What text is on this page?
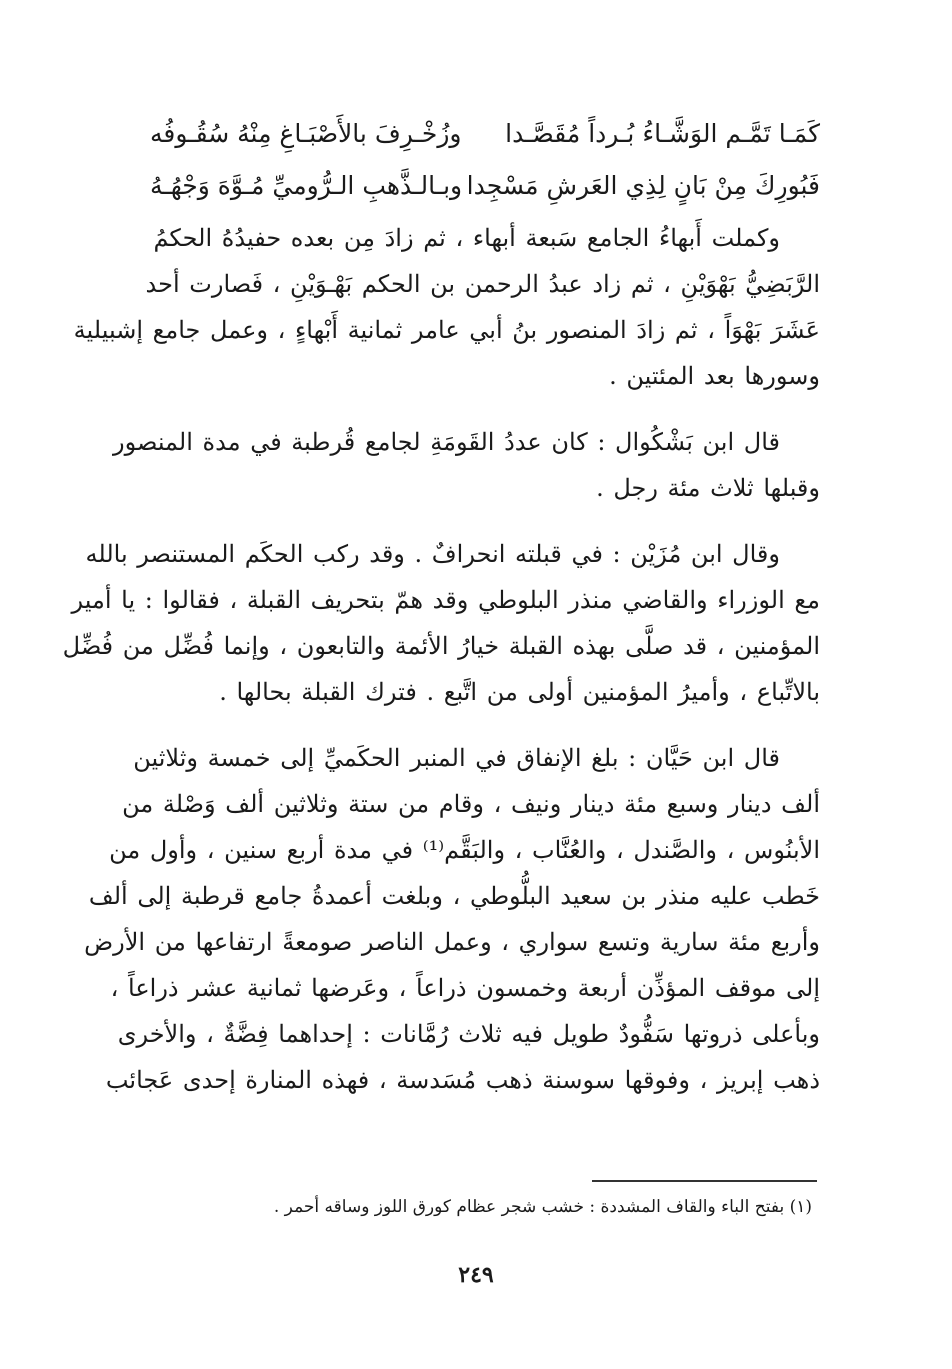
كَمَـا تَمَّـم الوَشَّـاءُ بُـرداً مُقَصَّـدا
وزُخْـرِفَ بالأَصْبَـاغِ مِنْهُ سُقُـوفُه
فَبُورِكَ مِنْ بَانٍ لِذِي العَرشِ مَسْجِدا
وبـالـذَّهبِ الـرُّوميِّ مُـوَّهَ وَجْهُـهُ
وكملت أَبهاءُ الجامع سَبعة أبهاء ، ثم زادَ مِن بعده حفيدُهُ الحكمُ
الرَّبَضِيُّ بَهْوَيْنِ ، ثم زاد عبدُ الرحمن بن الحكم بَهْـوَيْنِ ، فَصارت أحد
عَشَرَ بَهْوَاً ، ثم زادَ المنصور بنُ أبي عامر ثمانية أَبْهاءٍ ، وعمل جامع إشبيلية
وسورها بعد المئتين .
قال ابن بَشْكُوال : كان عددُ القَومَةِ لجامع قُرطبة في مدة المنصور
وقبلها ثلاث مئة رجل .
وقال ابن مُزَيْن : في قبلته انحرافٌ . وقد ركب الحكَم المستنصر بالله
مع الوزراء والقاضي منذر البلوطي وقد همّ بتحريف القبلة ، فقالوا : يا أمير
المؤمنين ، قد صلَّى بهذه القبلة خيارُ الأئمة والتابعون ، وإنما فُضِّل من فُضِّل
بالاتِّباع ، وأميرُ المؤمنين أولى من اتَّبع . فترك القبلة بحالها .
قال ابن حَيَّان : بلغ الإنفاق في المنبر الحكَميِّ إلى خمسة وثلاثين
ألف دينار وسبع مئة دينار ونيف ، وقام من ستة وثلاثين ألف وَصْلة من
الأبنُوس ، والصَّندل ، والعُنَّاب ، والبَقَّم⁽¹⁾ في مدة أربع سنين ، وأول من
خَطب عليه منذر بن سعيد البلُّوطي ، وبلغت أعمدةُ جامع قرطبة إلى ألف
وأربع مئة سارية وتسع سواري ، وعمل الناصر صومعةً ارتفاعها من الأرض
إلى موقف المؤذِّن أربعة وخمسون ذراعاً ، وعَرضها ثمانية عشر ذراعاً ،
وبأعلى ذروتها سَفُّودٌ طويل فيه ثلاث رُمَّانات : إحداهما فِضَّةٌ ، والأخرى
ذهب إبريز ، وفوقها سوسنة ذهب مُسَدسة ، فهذه المنارة إحدى عَجائب
(١) بفتح الباء والقاف المشددة : خشب شجر عظام كورق اللوز وساقه أحمر .
٢٤٩
